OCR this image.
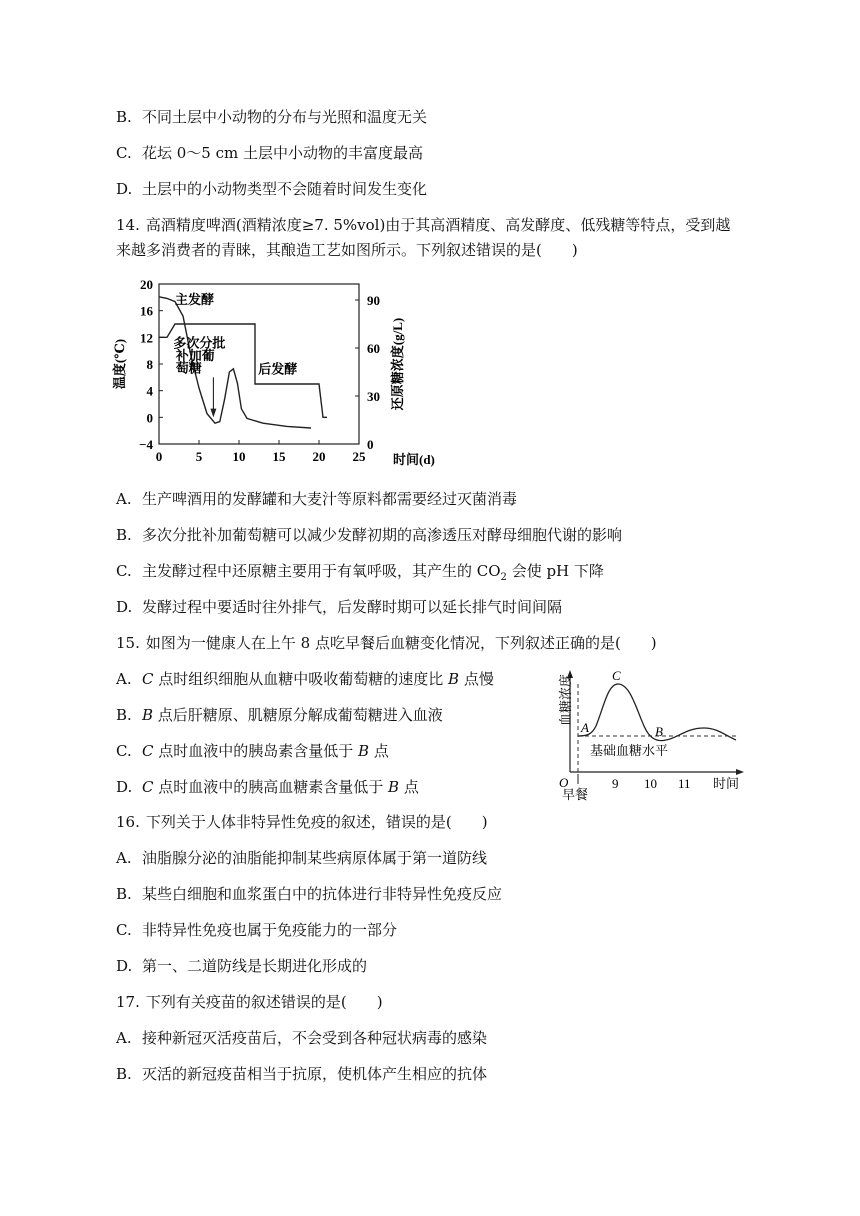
B. 不同土层中小动物的分布与光照和温度无关
C. 花坛 0～5 cm 土层中小动物的丰富度最高
D. 土层中的小动物类型不会随着时间发生变化
14. 高酒精度啤酒(酒精浓度≥7. 5%vol)由于其高酒精度、高发酵度、低残糖等特点，受到越
来越多消费者的青睐，其酿造工艺如图所示。下列叙述错误的是(　　)
0	5 10 15 20 25
20
16
12
8
4
0
−4
90
60
30
0
主发酵
多次分批
补加葡
萄糖	后发酵
温度(℃)	还原糖浓度(g/L)
时间(d)
A. 生产啤酒用的发酵罐和大麦汁等原料都需要经过灭菌消毒
B. 多次分批补加葡萄糖可以减少发酵初期的高渗透压对酵母细胞代谢的影响
C. 主发酵过程中还原糖主要用于有氧呼吸，其产生的 $CO_2$ 会使 pH 下降
D. 发酵过程中要适时往外排气，后发酵时期可以延长排气时间间隔
15. 如图为一健康人在上午 8 点吃早餐后血糖变化情况，下列叙述正确的是(　　)
A. C 点时组织细胞从血糖中吸收葡萄糖的速度比 B 点慢
B. B 点后肝糖原、肌糖原分解成葡萄糖进入血液
C. C 点时血液中的胰岛素含量低于 B 点
D. C 点时血液中的胰高血糖素含量低于 B 点
血糖浓度
O
A
C
B
基础血糖水平
9 10 11
早餐
时间
16. 下列关于人体非特异性免疫的叙述，错误的是(　　)
A. 油脂腺分泌的油脂能抑制某些病原体属于第一道防线
B. 某些白细胞和血浆蛋白中的抗体进行非特异性免疫反应
C. 非特异性免疫也属于免疫能力的一部分
D. 第一、二道防线是长期进化形成的
17. 下列有关疫苗的叙述错误的是(　　)
A. 接种新冠灭活疫苗后，不会受到各种冠状病毒的感染
B. 灭活的新冠疫苗相当于抗原，使机体产生相应的抗体
